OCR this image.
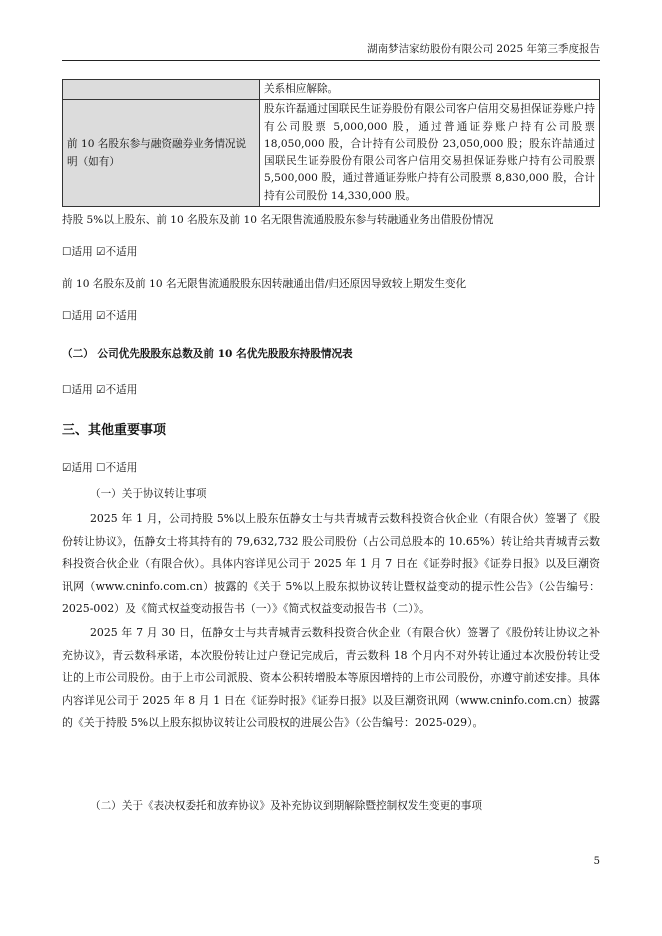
湖南梦洁家纺股份有限公司 2025 年第三季度报告
	关系相应解除。
前 10 名股东参与融资融券业务情况说明（如有）	股东许磊通过国联民生证券股份有限公司客户信用交易担保证券账户持有公司股票 5,000,000 股，通过普通证券账户持有公司股票 18,050,000 股，合计持有公司股份 23,050,000 股；股东许喆通过国联民生证券股份有限公司客户信用交易担保证券账户持有公司股票 5,500,000 股，通过普通证券账户持有公司股票 8,830,000 股，合计持有公司股份 14,330,000 股。
持股 5%以上股东、前 10 名股东及前 10 名无限售流通股股东参与转融通业务出借股份情况
☐适用 ☑不适用
前 10 名股东及前 10 名无限售流通股股东因转融通出借/归还原因导致较上期发生变化
☐适用 ☑不适用
（二） 公司优先股股东总数及前 10 名优先股股东持股情况表
☐适用 ☑不适用
三、其他重要事项
☑适用 ☐不适用
（一）关于协议转让事项
2025 年 1 月，公司持股 5%以上股东伍静女士与共青城青云数科投资合伙企业（有限合伙）签署了《股份转让协议》，伍静女士将其持有的 79,632,732 股公司股份（占公司总股本的 10.65%）转让给共青城青云数科投资合伙企业（有限合伙）。具体内容详见公司于 2025 年 1 月 7 日在《证券时报》《证券日报》以及巨潮资讯网（www.cninfo.com.cn）披露的《关于 5%以上股东拟协议转让暨权益变动的提示性公告》（公告编号：2025-002）及《简式权益变动报告书（一）》《简式权益变动报告书（二）》。
2025 年 7 月 30 日，伍静女士与共青城青云数科投资合伙企业（有限合伙）签署了《股份转让协议之补充协议》，青云数科承诺，本次股份转让过户登记完成后，青云数科 18 个月内不对外转让通过本次股份转让受让的上市公司股份。由于上市公司派股、资本公积转增股本等原因增持的上市公司股份，亦遵守前述安排。具体内容详见公司于 2025 年 8 月 1 日在《证券时报》《证券日报》以及巨潮资讯网（www.cninfo.com.cn）披露的《关于持股 5%以上股东拟协议转让公司股权的进展公告》（公告编号：2025-029）。
（二）关于《表决权委托和放弃协议》及补充协议到期解除暨控制权发生变更的事项
5
